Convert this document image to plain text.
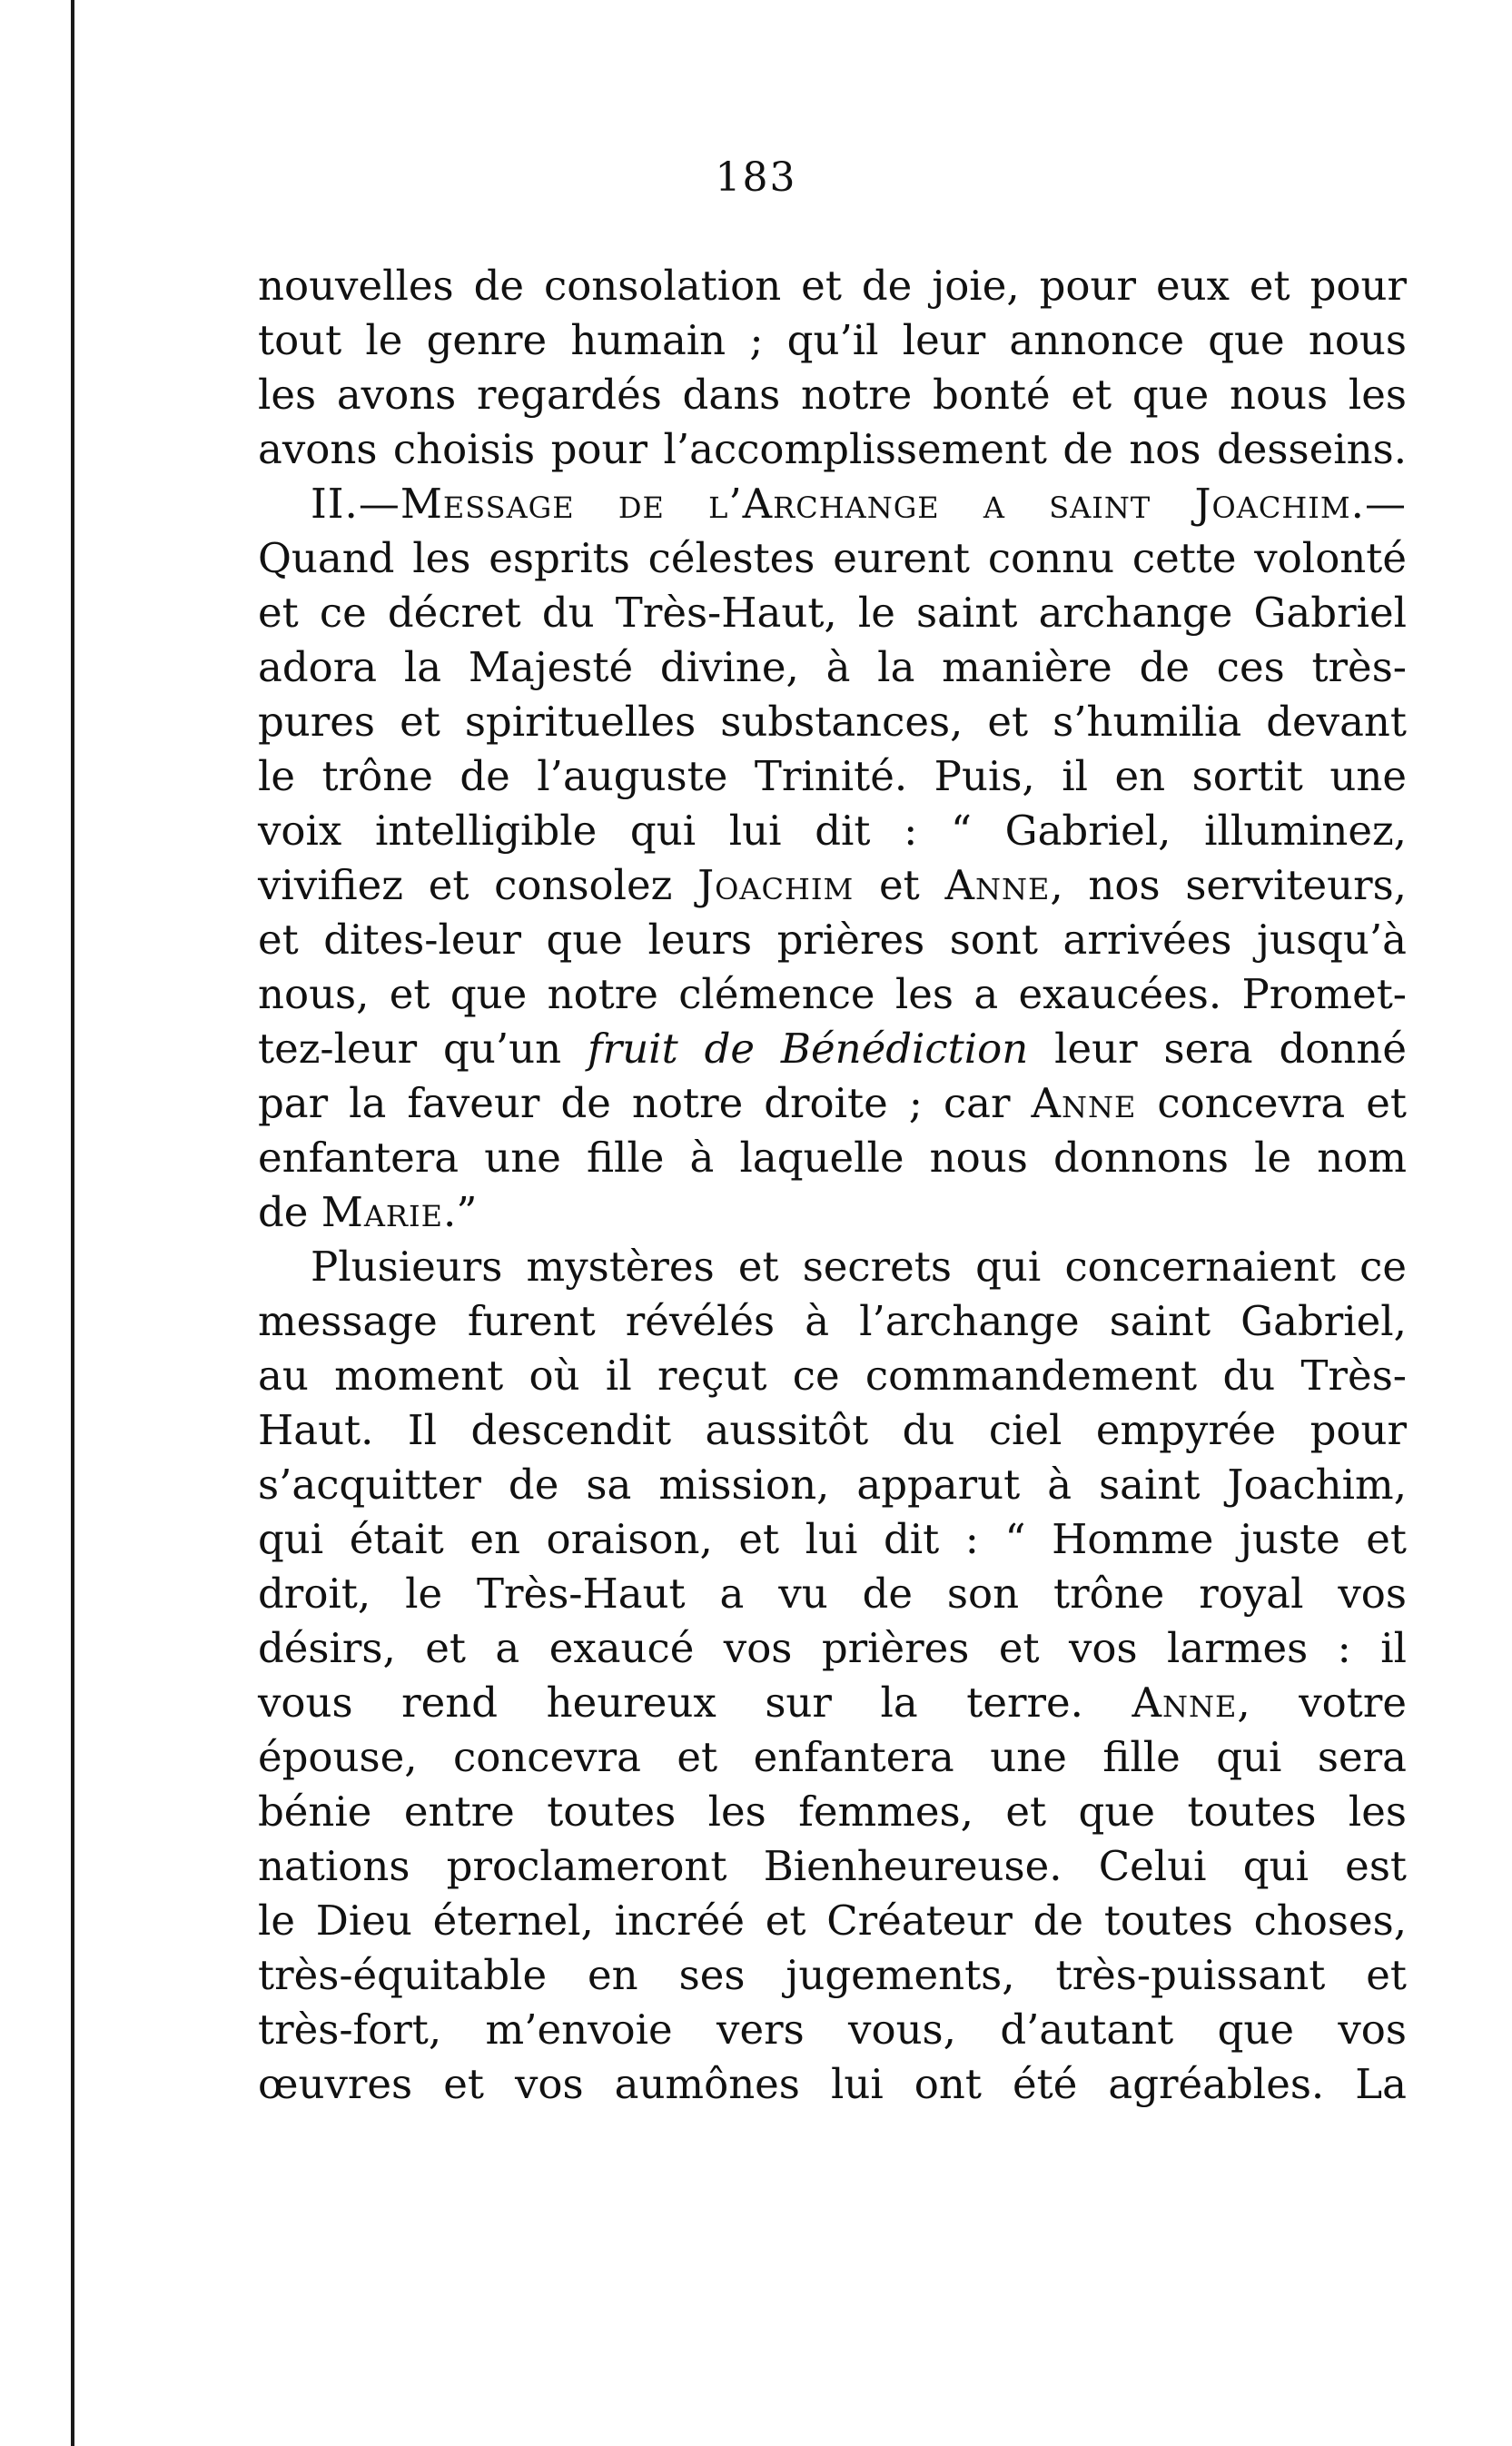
183
nouvelles de consolation et de joie, pour eux et pour
tout le genre humain ; qu’il leur annonce que nous
les avons regardés dans notre bonté et que nous les
avons choisis pour l’accomplissement de nos desseins.
II.—Message de l’Archange a saint Joachim.—
Quand les esprits célestes eurent connu cette volonté
et ce décret du Très-Haut, le saint archange Gabriel
adora la Majesté divine, à la manière de ces très-
pures et spirituelles substances, et s’humilia devant
le trône de l’auguste Trinité. Puis, il en sortit une
voix intelligible qui lui dit : “ Gabriel, illuminez,
vivifiez et consolez Joachim et Anne, nos serviteurs,
et dites-leur que leurs prières sont arrivées jusqu’à
nous, et que notre clémence les a exaucées. Promet-
tez-leur qu’un fruit de Bénédiction leur sera donné
par la faveur de notre droite ; car Anne concevra et
enfantera une fille à laquelle nous donnons le nom
de Marie.”
Plusieurs mystères et secrets qui concernaient ce
message furent révélés à l’archange saint Gabriel,
au moment où il reçut ce commandement du Très-
Haut. Il descendit aussitôt du ciel empyrée pour
s’acquitter de sa mission, apparut à saint Joachim,
qui était en oraison, et lui dit : “ Homme juste et
droit, le Très-Haut a vu de son trône royal vos
désirs, et a exaucé vos prières et vos larmes : il
vous rend heureux sur la terre. Anne, votre
épouse, concevra et enfantera une fille qui sera
bénie entre toutes les femmes, et que toutes les
nations proclameront Bienheureuse. Celui qui est
le Dieu éternel, incréé et Créateur de toutes choses,
très-équitable en ses jugements, très-puissant et
très-fort, m’envoie vers vous, d’autant que vos
œuvres et vos aumônes lui ont été agréables. La
